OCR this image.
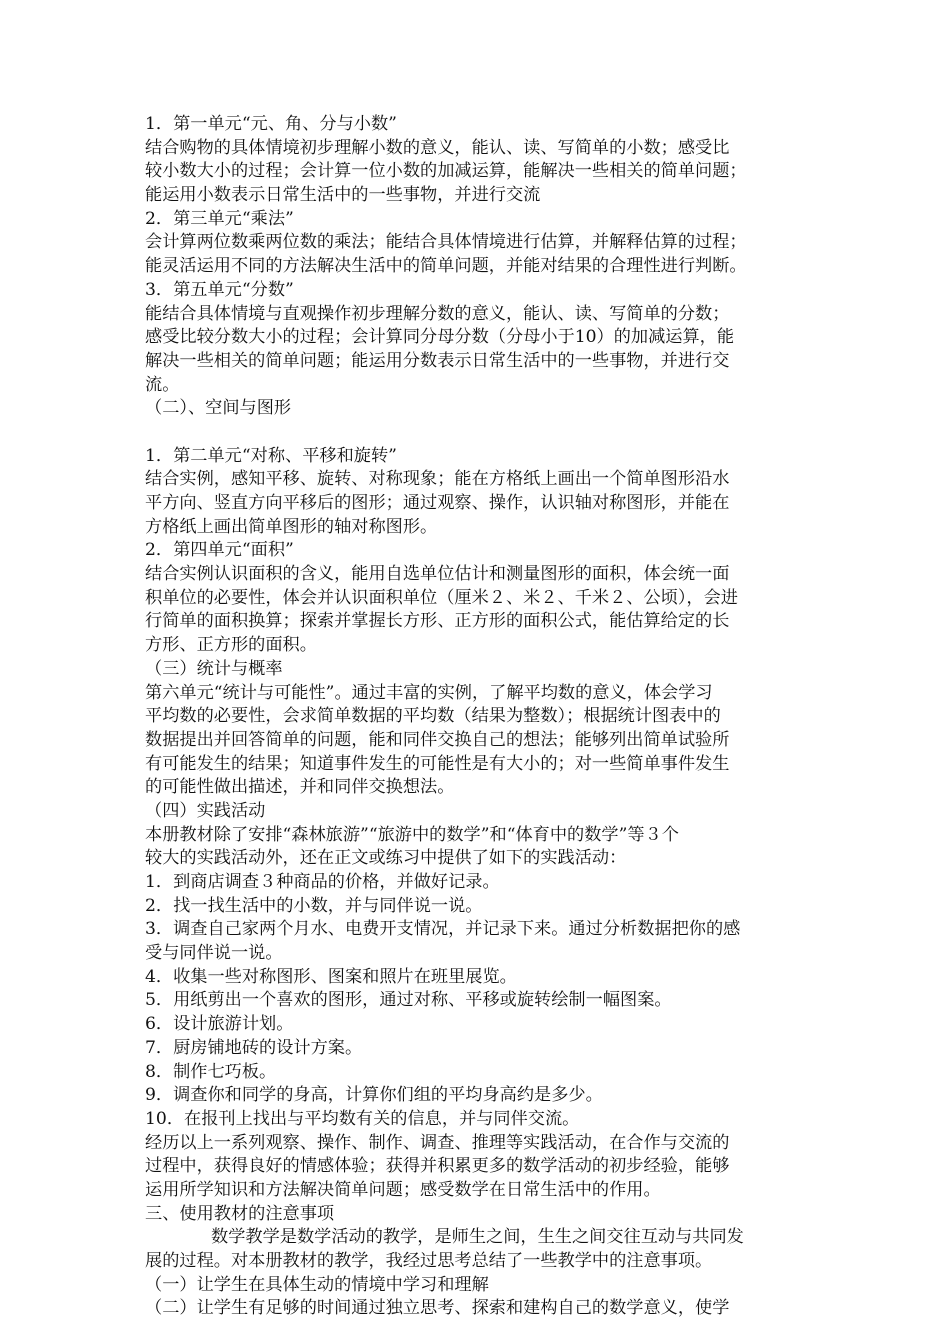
1．第一单元“元、角、分与小数”
结合购物的具体情境初步理解小数的意义，能认、读、写简单的小数；感受比
较小数大小的过程；会计算一位小数的加减运算，能解决一些相关的简单问题；
能运用小数表示日常生活中的一些事物，并进行交流
2．第三单元“乘法”
会计算两位数乘两位数的乘法；能结合具体情境进行估算，并解释估算的过程；
能灵活运用不同的方法解决生活中的简单问题，并能对结果的合理性进行判断。
3．第五单元“分数”
能结合具体情境与直观操作初步理解分数的意义，能认、读、写简单的分数；
感受比较分数大小的过程；会计算同分母分数（分母小于10）的加减运算，能
解决一些相关的简单问题；能运用分数表示日常生活中的一些事物，并进行交
流。
（二）、空间与图形
1．第二单元“对称、平移和旋转”
结合实例，感知平移、旋转、对称现象；能在方格纸上画出一个简单图形沿水
平方向、竖直方向平移后的图形；通过观察、操作，认识轴对称图形，并能在
方格纸上画出简单图形的轴对称图形。
2．第四单元“面积”
结合实例认识面积的含义，能用自选单位估计和测量图形的面积，体会统一面
积单位的必要性，体会并认识面积单位（厘米２、米２、千米２、公顷），会进
行简单的面积换算；探索并掌握长方形、正方形的面积公式，能估算给定的长
方形、正方形的面积。
（三）统计与概率
第六单元“统计与可能性”。通过丰富的实例，了解平均数的意义，体会学习
平均数的必要性，会求简单数据的平均数（结果为整数）；根据统计图表中的
数据提出并回答简单的问题，能和同伴交换自己的想法；能够列出简单试验所
有可能发生的结果；知道事件发生的可能性是有大小的；对一些简单事件发生
的可能性做出描述，并和同伴交换想法。
（四）实践活动
本册教材除了安排“森林旅游”“旅游中的数学”和“体育中的数学”等３个
较大的实践活动外，还在正文或练习中提供了如下的实践活动：
1．到商店调查３种商品的价格，并做好记录。
2．找一找生活中的小数，并与同伴说一说。
3．调查自己家两个月水、电费开支情况，并记录下来。通过分析数据把你的感
受与同伴说一说。
4．收集一些对称图形、图案和照片在班里展览。
5．用纸剪出一个喜欢的图形，通过对称、平移或旋转绘制一幅图案。
6．设计旅游计划。
7．厨房铺地砖的设计方案。
8．制作七巧板。
9．调查你和同学的身高，计算你们组的平均身高约是多少。
10．在报刊上找出与平均数有关的信息，并与同伴交流。
经历以上一系列观察、操作、制作、调查、推理等实践活动，在合作与交流的
过程中，获得良好的情感体验；获得并积累更多的数学活动的初步经验，能够
运用所学知识和方法解决简单问题；感受数学在日常生活中的作用。
三、使用教材的注意事项
数学教学是数学活动的教学，是师生之间，生生之间交往互动与共同发
展的过程。对本册教材的教学，我经过思考总结了一些教学中的注意事项。
（一）让学生在具体生动的情境中学习和理解
（二）让学生有足够的时间通过独立思考、探索和建构自己的数学意义，使学
